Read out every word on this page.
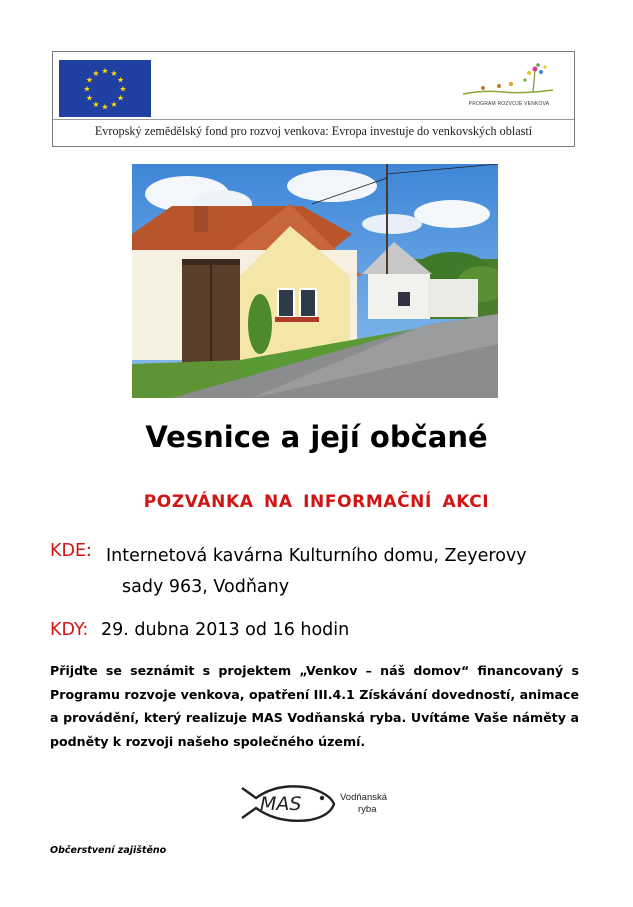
★ ★
★
★
★
★
★
★
★
★
★
★
PROGRAM ROZVOJE VENKOVA
Evropský zemědělský fond pro rozvoj venkova: Evropa investuje do venkovských oblastí
Vesnice a její občané
POZVÁNKA NA INFORMAČNÍ AKCI
KDE: Internetová kavárna Kulturního domu, Zeyerovy
sady 963, Vodňany
KDY: 29. dubna 2013 od 16 hodin
Přijďte se seznámit s projektem „Venkov – náš domov“ financovaný s Programu rozvoje venkova, opatření III.4.1 Získávání dovedností, animace a provádění, který realizuje MAS Vodňanská ryba. Uvítáme Vaše náměty a podněty k rozvoji našeho společného území.
MAS	Vodňanská
ryba
Občerstvení zajištěno
